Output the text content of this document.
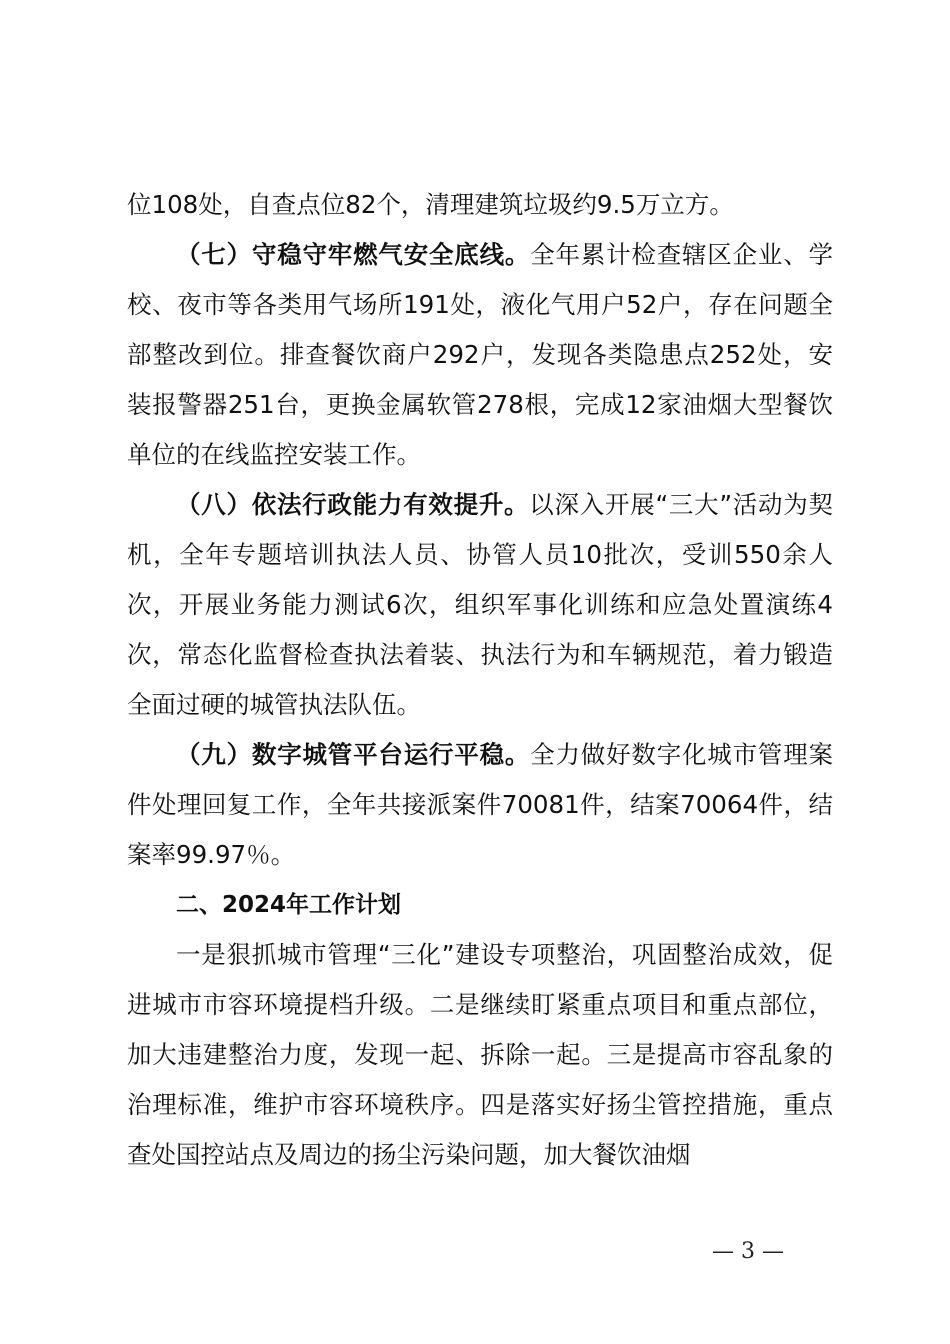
位108处，自查点位82个，清理建筑垃圾约9.5万立方。

（七）守稳守牢燃气安全底线。全年累计检查辖区企业、学校、夜市等各类用气场所191处，液化气用户52户，存在问题全部整改到位。排查餐饮商户292户，发现各类隐患点252处，安装报警器251台，更换金属软管278根，完成12家油烟大型餐饮单位的在线监控安装工作。

（八）依法行政能力有效提升。以深入开展“三大”活动为契机，全年专题培训执法人员、协管人员10批次，受训550余人次，开展业务能力测试6次，组织军事化训练和应急处置演练4次，常态化监督检查执法着装、执法行为和车辆规范，着力锻造全面过硬的城管执法队伍。

（九）数字城管平台运行平稳。全力做好数字化城市管理案件处理回复工作，全年共接派案件70081件，结案70064件，结案率99.97％。

二、2024年工作计划

一是狠抓城市管理“三化”建设专项整治，巩固整治成效，促进城市市容环境提档升级。二是继续盯紧重点项目和重点部位，加大违建整治力度，发现一起、拆除一起。三是提高市容乱象的治理标准，维护市容环境秩序。四是落实好扬尘管控措施，重点查处国控站点及周边的扬尘污染问题，加大餐饮油烟

— 3 —
